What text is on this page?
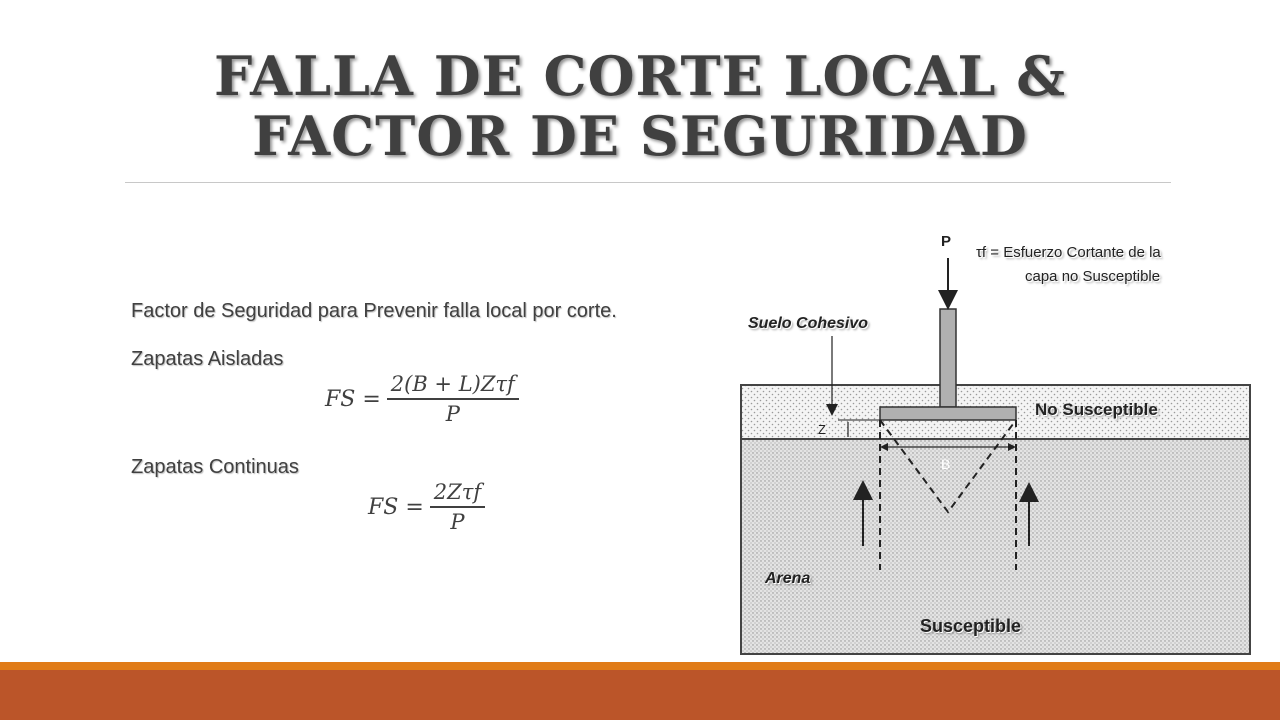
FALLA DE CORTE LOCAL &
FACTOR DE SEGURIDAD
Factor de Seguridad para Prevenir falla local por corte.
Zapatas Aisladas
FS = $\frac{\text{2(B + L)Zτf}}{P}$
Zapatas Continuas
FS = $\frac{\text{2Zτf}}{P}$
P
τf = Esfuerzo Cortante de la
capa no Susceptible
Suelo Cohesivo
No Susceptible
Z
B
Arena
Susceptible
